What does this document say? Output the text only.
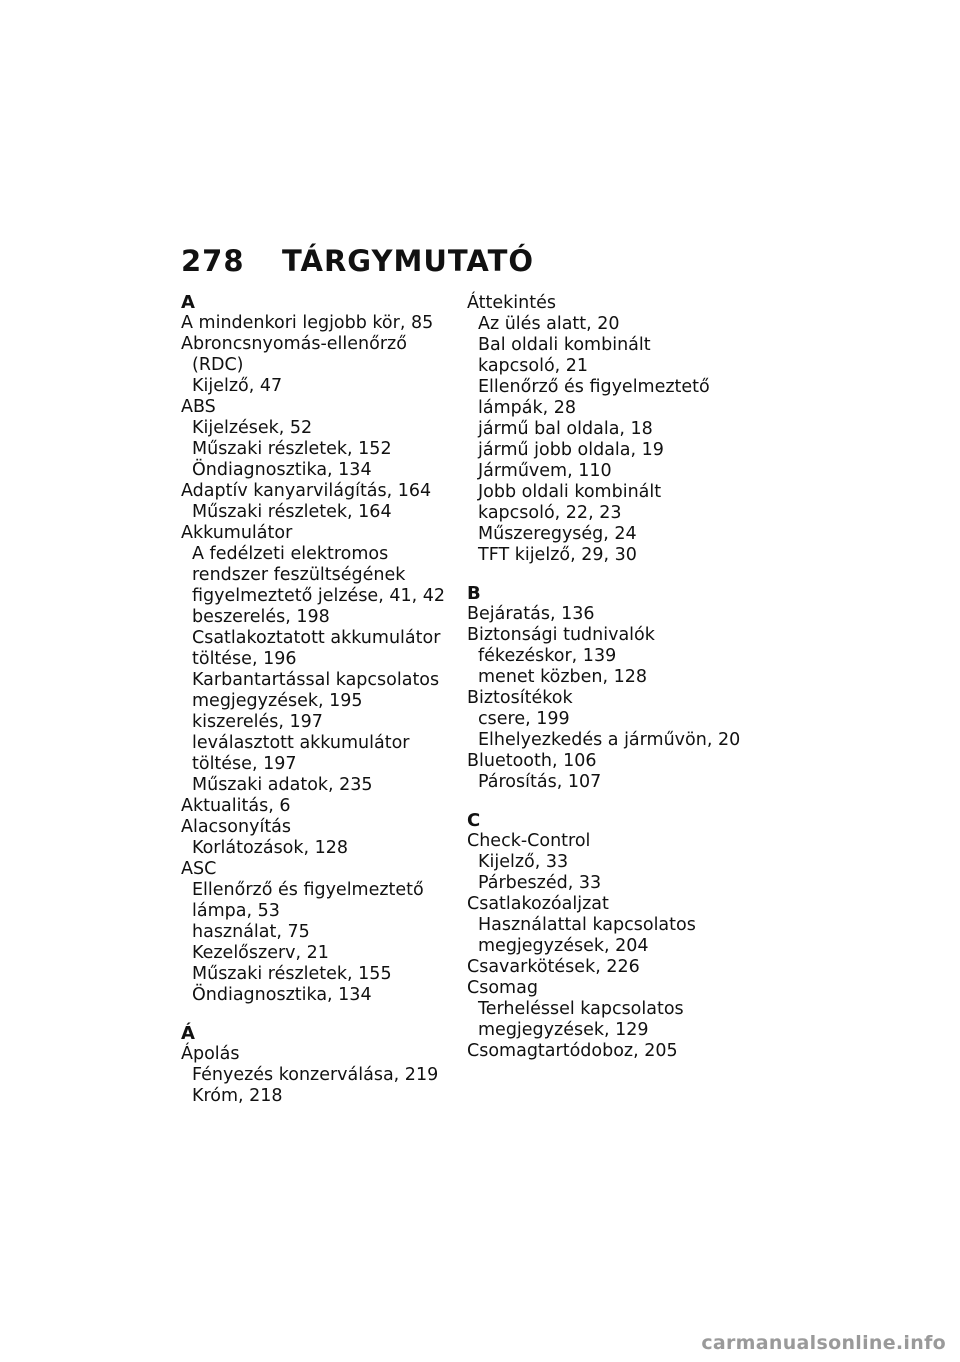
278 TÁRGYMUTATÓ
A
A mindenkori legjobb kör, 85
Abroncsnyomás-ellenőrző
(RDC)
Kijelző, 47
ABS
Kijelzések, 52
Műszaki részletek, 152
Öndiagnosztika, 134
Adaptív kanyarvilágítás, 164
Műszaki részletek, 164
Akkumulátor
A fedélzeti elektromos
rendszer feszültségének
figyelmeztető jelzése, 41, 42
beszerelés, 198
Csatlakoztatott akkumulátor
töltése, 196
Karbantartással kapcsolatos
megjegyzések, 195
kiszerelés, 197
leválasztott akkumulátor
töltése, 197
Műszaki adatok, 235
Aktualitás, 6
Alacsonyítás
Korlátozások, 128
ASC
Ellenőrző és figyelmeztető
lámpa, 53
használat, 75
Kezelőszerv, 21
Műszaki részletek, 155
Öndiagnosztika, 134
Á
Ápolás
Fényezés konzerválása, 219
Króm, 218
Áttekintés
Az ülés alatt, 20
Bal oldali kombinált
kapcsoló, 21
Ellenőrző és figyelmeztető
lámpák, 28
jármű bal oldala, 18
jármű jobb oldala, 19
Járművem, 110
Jobb oldali kombinált
kapcsoló, 22, 23
Műszeregység, 24
TFT kijelző, 29, 30
B
Bejáratás, 136
Biztonsági tudnivalók
fékezéskor, 139
menet közben, 128
Biztosítékok
csere, 199
Elhelyezkedés a járművön, 20
Bluetooth, 106
Párosítás, 107
C
Check-Control
Kijelző, 33
Párbeszéd, 33
Csatlakozóaljzat
Használattal kapcsolatos
megjegyzések, 204
Csavarkötések, 226
Csomag
Terheléssel kapcsolatos
megjegyzések, 129
Csomagtartódoboz, 205
carmanualsonline.info
